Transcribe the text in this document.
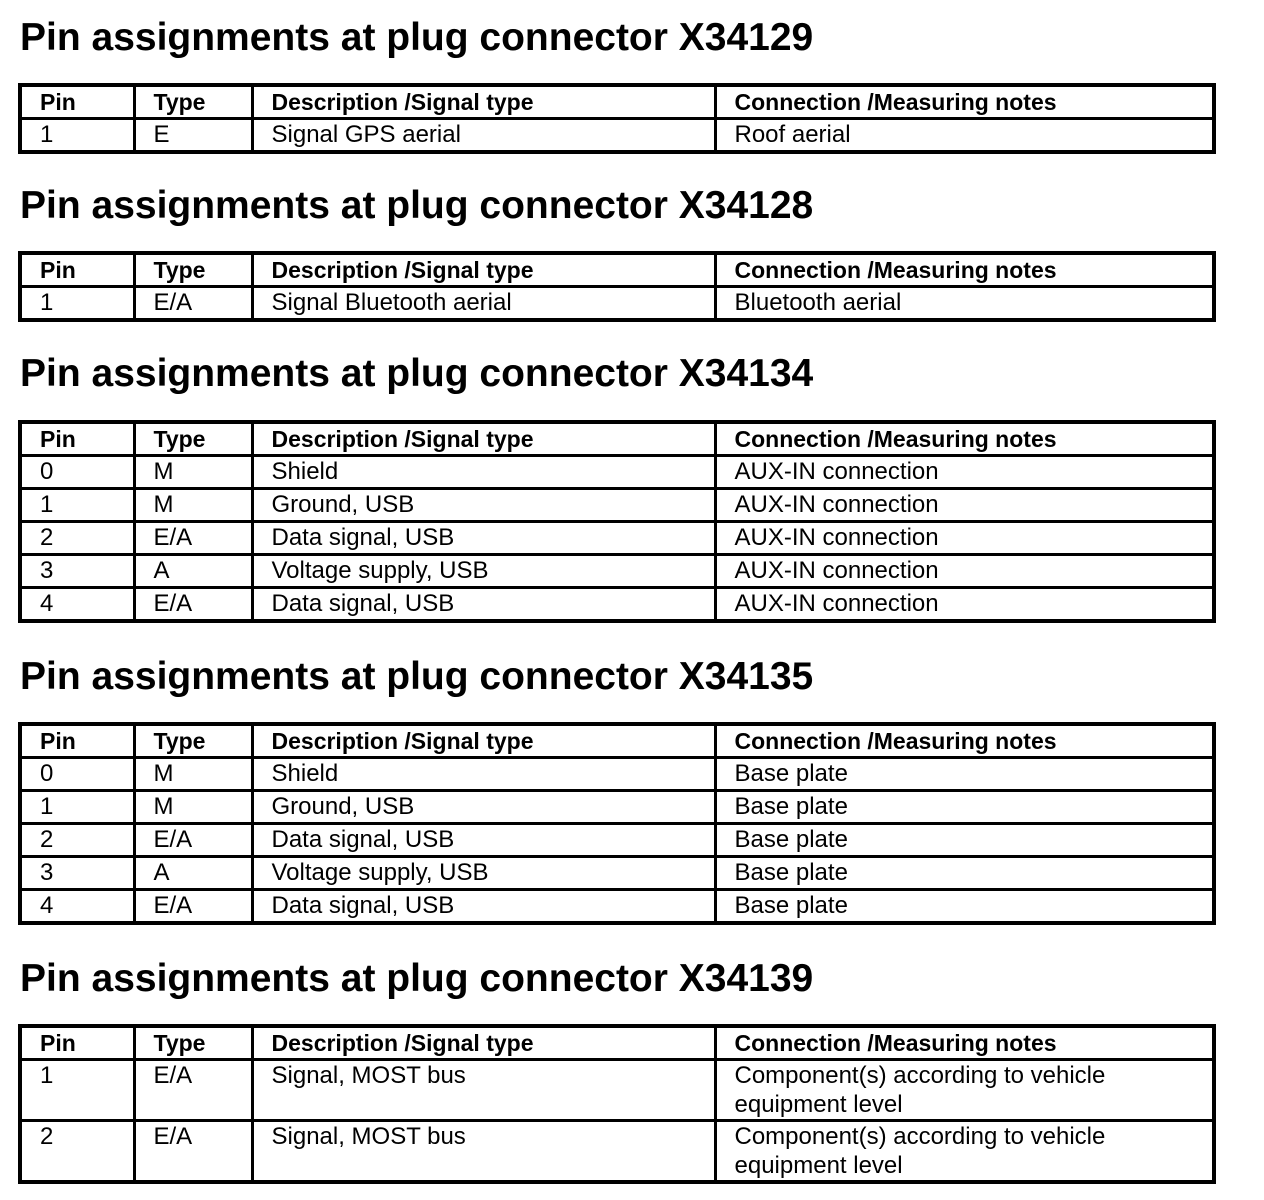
Pin assignments at plug connector X34129
Pin	Type	Description /Signal type	Connection /Measuring notes
1	E	Signal GPS aerial	Roof aerial
Pin assignments at plug connector X34128
Pin	Type	Description /Signal type	Connection /Measuring notes
1	E/A	Signal Bluetooth aerial	Bluetooth aerial
Pin assignments at plug connector X34134
Pin	Type	Description /Signal type	Connection /Measuring notes
0	M	Shield	AUX-IN connection
1	M	Ground, USB	AUX-IN connection
2	E/A	Data signal, USB	AUX-IN connection
3	A	Voltage supply, USB	AUX-IN connection
4	E/A	Data signal, USB	AUX-IN connection
Pin assignments at plug connector X34135
Pin	Type	Description /Signal type	Connection /Measuring notes
0	M	Shield	Base plate
1	M	Ground, USB	Base plate
2	E/A	Data signal, USB	Base plate
3	A	Voltage supply, USB	Base plate
4	E/A	Data signal, USB	Base plate
Pin assignments at plug connector X34139
Pin	Type	Description /Signal type	Connection /Measuring notes
1	E/A	Signal, MOST bus	Component(s) according to vehicle equipment level
2	E/A	Signal, MOST bus	Component(s) according to vehicle equipment level
